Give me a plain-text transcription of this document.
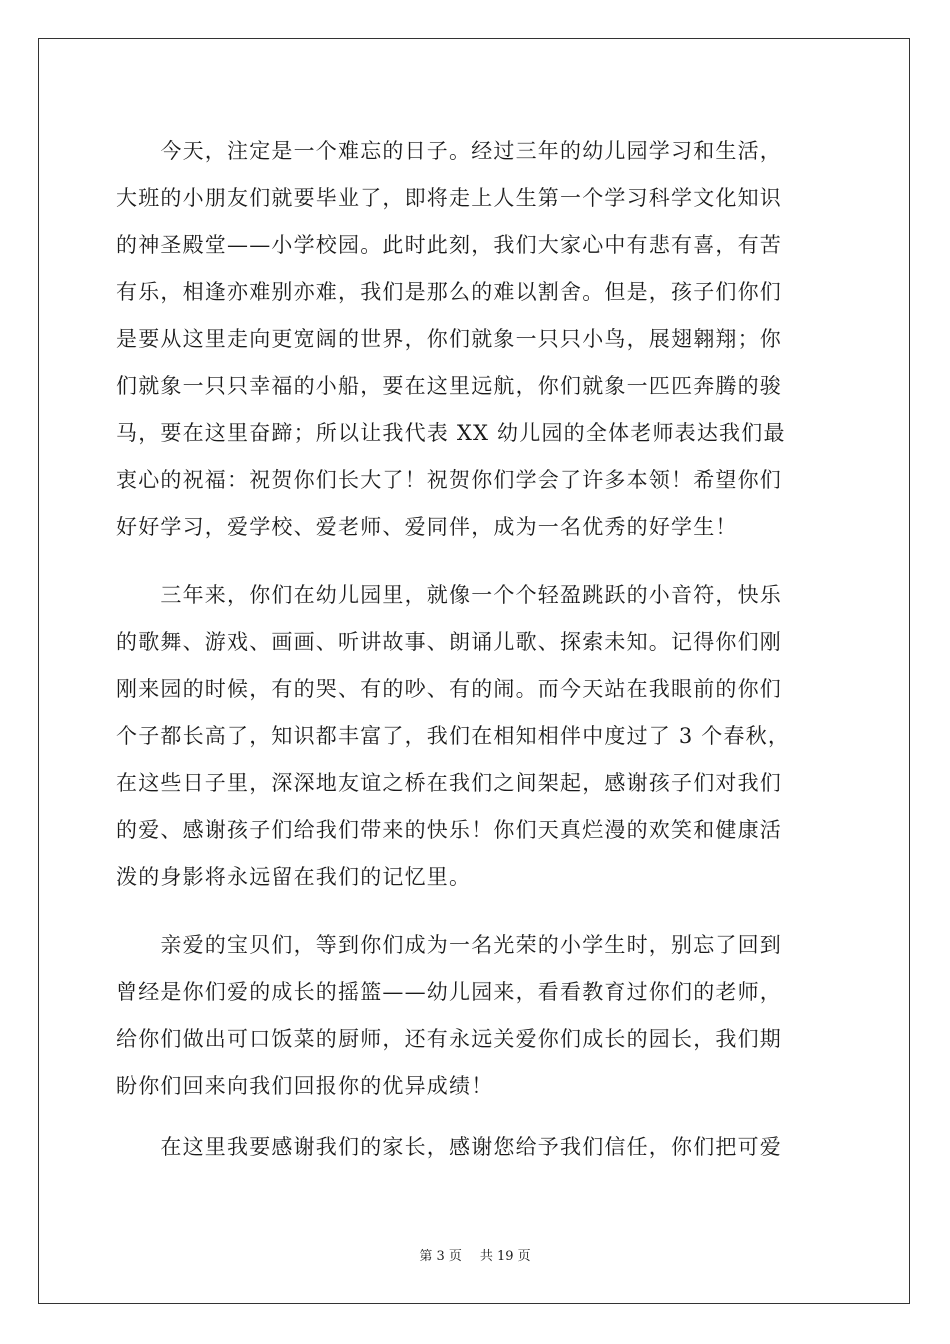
　　今天，注定是一个难忘的日子。经过三年的幼儿园学习和生活，
大班的小朋友们就要毕业了，即将走上人生第一个学习科学文化知识
的神圣殿堂——小学校园。此时此刻，我们大家心中有悲有喜，有苦
有乐，相逢亦难别亦难，我们是那么的难以割舍。但是，孩子们你们
是要从这里走向更宽阔的世界，你们就象一只只小鸟，展翅翱翔；你
们就象一只只幸福的小船，要在这里远航，你们就象一匹匹奔腾的骏
马，要在这里奋蹄；所以让我代表 XX 幼儿园的全体老师表达我们最
衷心的祝福：祝贺你们长大了！祝贺你们学会了许多本领！希望你们
好好学习，爱学校、爱老师、爱同伴，成为一名优秀的好学生！
　　三年来，你们在幼儿园里，就像一个个轻盈跳跃的小音符，快乐
的歌舞、游戏、画画、听讲故事、朗诵儿歌、探索未知。记得你们刚
刚来园的时候，有的哭、有的吵、有的闹。而今天站在我眼前的你们
个子都长高了，知识都丰富了，我们在相知相伴中度过了 3 个春秋，
在这些日子里，深深地友谊之桥在我们之间架起，感谢孩子们对我们
的爱、感谢孩子们给我们带来的快乐！你们天真烂漫的欢笑和健康活
泼的身影将永远留在我们的记忆里。
　　亲爱的宝贝们，等到你们成为一名光荣的小学生时，别忘了回到
曾经是你们爱的成长的摇篮——幼儿园来，看看教育过你们的老师，
给你们做出可口饭菜的厨师，还有永远关爱你们成长的园长，我们期
盼你们回来向我们回报你的优异成绩！
　　在这里我要感谢我们的家长，感谢您给予我们信任，你们把可爱
第 3 页 共 19 页
